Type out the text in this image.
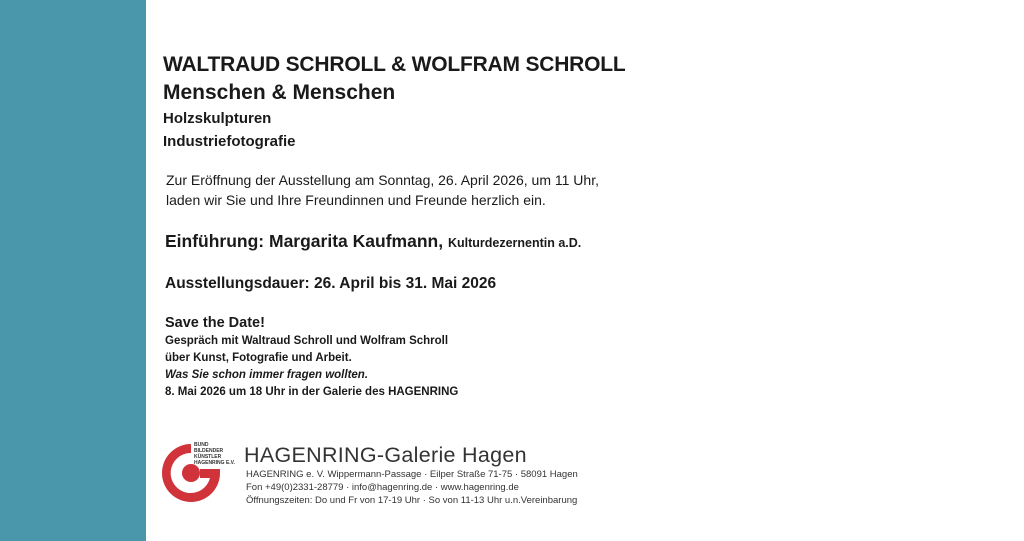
WALTRAUD SCHROLL & WOLFRAM SCHROLL
Menschen & Menschen
Holzskulpturen
Industriefotografie
Zur Eröffnung der Ausstellung am Sonntag, 26. April 2026, um 11 Uhr,
laden wir Sie und Ihre Freundinnen und Freunde herzlich ein.
Einführung: Margarita Kaufmann, Kulturdezernentin a.D.
Ausstellungsdauer: 26. April bis 31. Mai 2026
Save the Date!
Gespräch mit Waltraud Schroll und Wolfram Schroll
über Kunst, Fotografie und Arbeit.
Was Sie schon immer fragen wollten.
8. Mai 2026 um 18 Uhr in der Galerie des HAGENRING
BUND
BILDENDER
KÜNSTLER
HAGENRING E.V. HAGENRING-Galerie Hagen
HAGENRING e. V. Wippermann-Passage · Eilper Straße 71-75 · 58091 Hagen
Fon +49(0)2331-28779 · info@hagenring.de · www.hagenring.de
Öffnungszeiten: Do und Fr von 17-19 Uhr · So von 11-13 Uhr u.n.Vereinbarung
